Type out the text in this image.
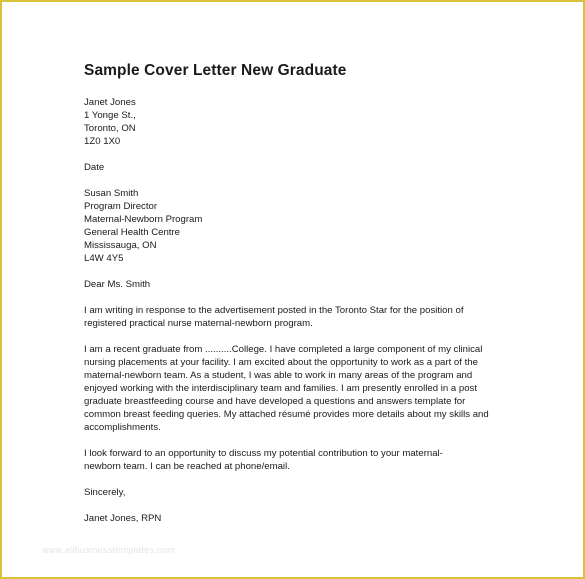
Sample Cover Letter New Graduate

Janet Jones

1 Yonge St.,

Toronto, ON

1Z0 1X0

Date

Susan Smith

Program Director

Maternal-Newborn Program

General Health Centre

Mississauga, ON

L4W 4Y5

Dear Ms. Smith

I am writing in response to the advertisement posted in the Toronto Star for the position of
registered practical nurse maternal-newborn program.
I am a recent graduate from ..........College. I have completed a large component of my clinical
nursing placements at your facility. I am excited about the opportunity to work as a part of the
maternal-newborn team. As a student, I was able to work in many areas of the program and
enjoyed working with the interdisciplinary team and families. I am presently enrolled in a post
graduate breastfeeding course and have developed a questions and answers template for
common breast feeding queries. My attached résumé provides more details about my skills and
accomplishments.
I look forward to an opportunity to discuss my potential contribution to your maternal-
newborn team. I can be reached at phone/email.

Sincerely,

Janet Jones, RPN

www.allbusinesstemplates.com
